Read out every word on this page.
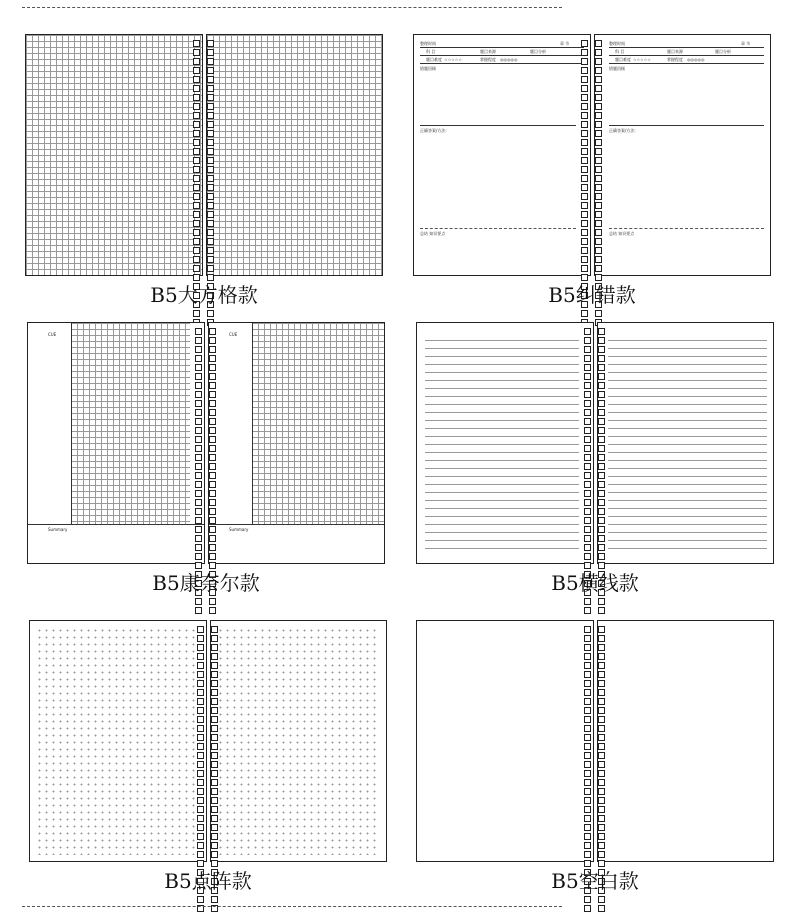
B5大方格款
整理时间	章 节
科 目	题目来源	题目分析
题目难度 ☆☆☆☆☆	掌握程度 ◎◎◎◎◎
错题回顾
正确答案/方法:
总结 知识要点
整理时间	章 节
科 目	题目来源	题目分析
题目难度 ☆☆☆☆☆	掌握程度 ◎◎◎◎◎
错题回顾
正确答案/方法:
总结 知识要点
B5纠错款
CUE
Summary
CUE
Summary
B5康奈尔款	B5横线款
B5点阵款	B5空白款
